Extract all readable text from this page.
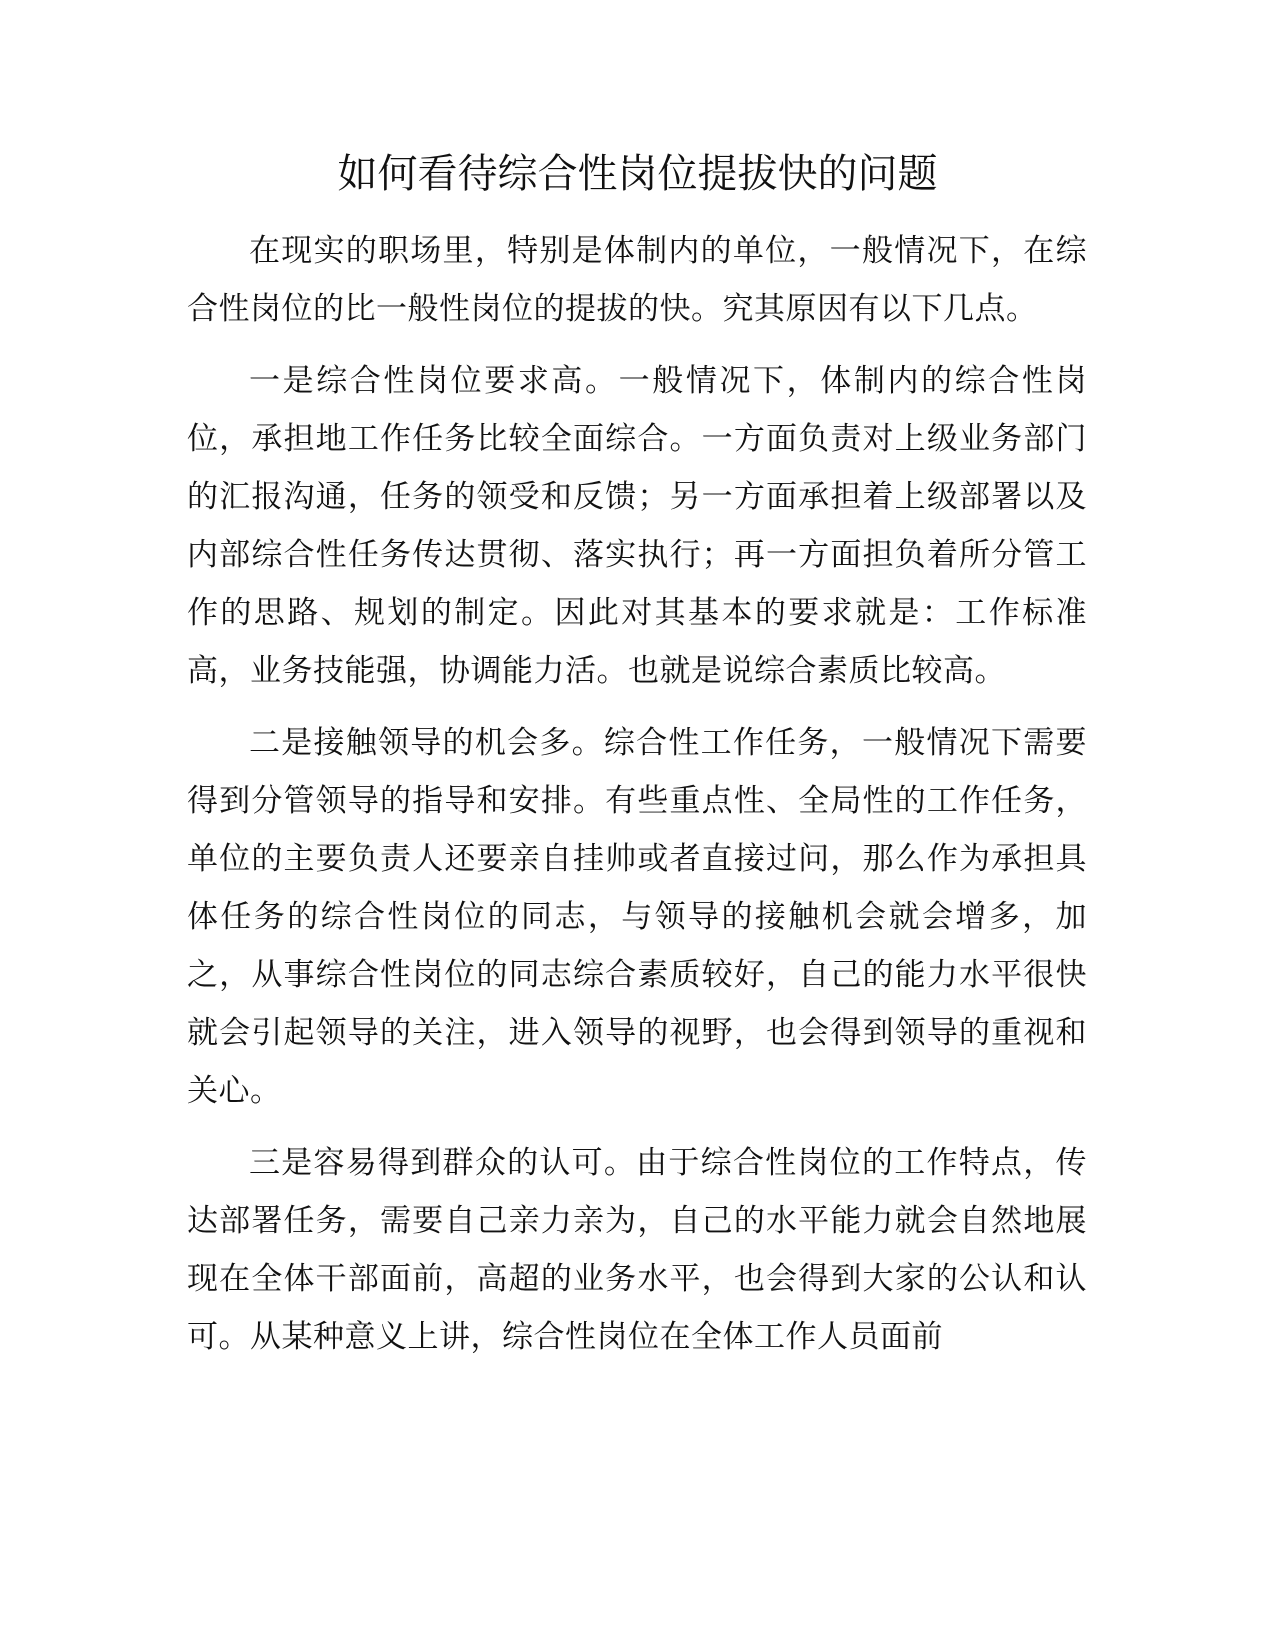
如何看待综合性岗位提拔快的问题

在现实的职场里，特别是体制内的单位，一般情况下，在综合性岗位的比一般性岗位的提拔的快。究其原因有以下几点。

一是综合性岗位要求高。一般情况下，体制内的综合性岗位，承担地工作任务比较全面综合。一方面负责对上级业务部门的汇报沟通，任务的领受和反馈；另一方面承担着上级部署以及内部综合性任务传达贯彻、落实执行；再一方面担负着所分管工作的思路、规划的制定。因此对其基本的要求就是：工作标准高，业务技能强，协调能力活。也就是说综合素质比较高。

二是接触领导的机会多。综合性工作任务，一般情况下需要得到分管领导的指导和安排。有些重点性、全局性的工作任务，单位的主要负责人还要亲自挂帅或者直接过问，那么作为承担具体任务的综合性岗位的同志，与领导的接触机会就会增多，加之，从事综合性岗位的同志综合素质较好，自己的能力水平很快就会引起领导的关注，进入领导的视野，也会得到领导的重视和关心。

三是容易得到群众的认可。由于综合性岗位的工作特点，传达部署任务，需要自己亲力亲为，自己的水平能力就会自然地展现在全体干部面前，高超的业务水平，也会得到大家的公认和认可。从某种意义上讲，综合性岗位在全体工作人员面前
